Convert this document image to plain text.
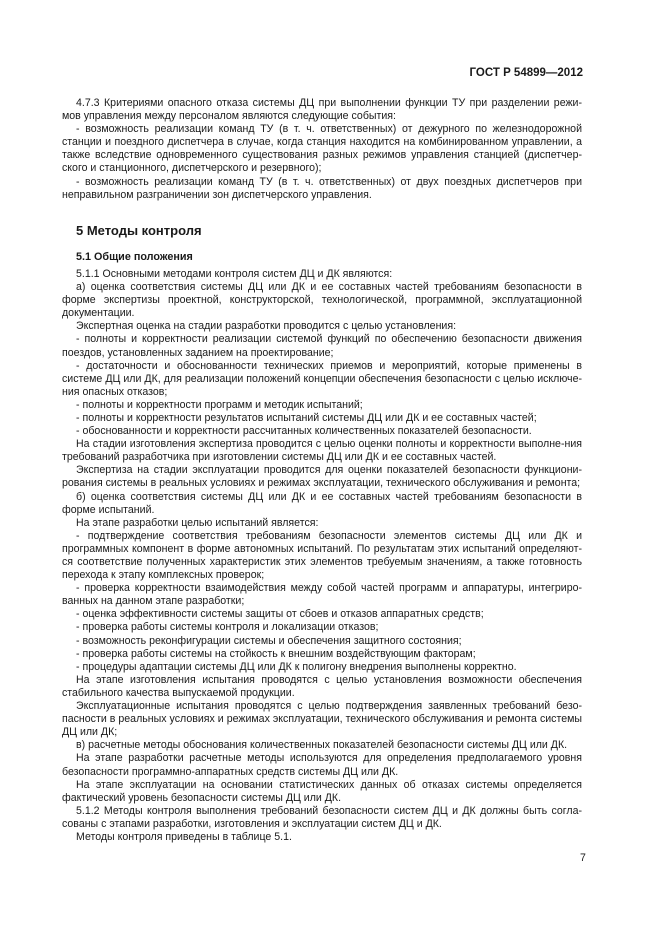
ГОСТ Р 54899—2012

4.7.3 Критериями опасного отказа системы ДЦ при выполнении функции ТУ при разделении режи-мов управления между персоналом являются следующие события:

- возможность реализации команд ТУ (в т. ч. ответственных) от дежурного по железнодорожной станции и поездного диспетчера в случае, когда станция находится на комбинированном управлении, а также вследствие одновременного существования разных режимов управления станцией (диспетчер-ского и станционного, диспетчерского и резервного);

- возможность реализации команд ТУ (в т. ч. ответственных) от двух поездных диспетчеров при неправильном разграничении зон диспетчерского управления.

5 Методы контроля
5.1 Общие положения

5.1.1 Основными методами контроля систем ДЦ и ДК являются:

а) оценка соответствия системы ДЦ или ДК и ее составных частей требованиям безопасности в форме экспертизы проектной, конструкторской, технологической, программной, эксплуатационной документации.

Экспертная оценка на стадии разработки проводится с целью установления:

- полноты и корректности реализации системой функций по обеспечению безопасности движения поездов, установленных заданием на проектирование;

- достаточности и обоснованности технических приемов и мероприятий, которые применены в системе ДЦ или ДК, для реализации положений концепции обеспечения безопасности с целью исключе-ния опасных отказов;

- полноты и корректности программ и методик испытаний;

- полноты и корректности результатов испытаний системы ДЦ или ДК и ее составных частей;

- обоснованности и корректности рассчитанных количественных показателей безопасности.

На стадии изготовления экспертиза проводится с целью оценки полноты и корректности выполне-ния требований разработчика при изготовлении системы ДЦ или ДК и ее составных частей.

Экспертиза на стадии эксплуатации проводится для оценки показателей безопасности функциони-рования системы в реальных условиях и режимах эксплуатации, технического обслуживания и ремонта;

б) оценка соответствия системы ДЦ или ДК и ее составных частей требованиям безопасности в форме испытаний.

На этапе разработки целью испытаний является:

- подтверждение соответствия требованиям безопасности элементов системы ДЦ или ДК и программных компонент в форме автономных испытаний. По результатам этих испытаний определяют-ся соответствие полученных характеристик этих элементов требуемым значениям, а также готовность перехода к этапу комплексных проверок;

- проверка корректности взаимодействия между собой частей программ и аппаратуры, интегриро-ванных на данном этапе разработки;

- оценка эффективности системы защиты от сбоев и отказов аппаратных средств;

- проверка работы системы контроля и локализации отказов;

- возможность реконфигурации системы и обеспечения защитного состояния;

- проверка работы системы на стойкость к внешним воздействующим факторам;

- процедуры адаптации системы ДЦ или ДК к полигону внедрения выполнены корректно.

На этапе изготовления испытания проводятся с целью установления возможности обеспечения стабильного качества выпускаемой продукции.

Эксплуатационные испытания проводятся с целью подтверждения заявленных требований безо-пасности в реальных условиях и режимах эксплуатации, технического обслуживания и ремонта системы ДЦ или ДК;

в) расчетные методы обоснования количественных показателей безопасности системы ДЦ или ДК.

На этапе разработки расчетные методы используются для определения предполагаемого уровня безопасности программно-аппаратных средств системы ДЦ или ДК.

На этапе эксплуатации на основании статистических данных об отказах системы определяется фактический уровень безопасности системы ДЦ или ДК.

5.1.2 Методы контроля выполнения требований безопасности систем ДЦ и ДК должны быть согла-сованы с этапами разработки, изготовления и эксплуатации систем ДЦ и ДК.

Методы контроля приведены в таблице 5.1.

7
